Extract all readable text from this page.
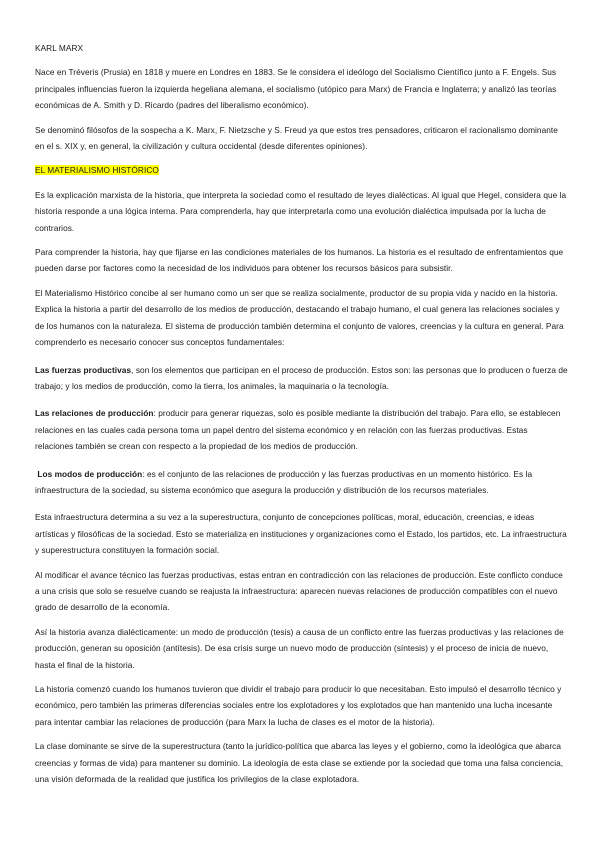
KARL MARX

Nace en Tréveris (Prusia) en 1818 y muere en Londres en 1883. Se le considera el ideólogo del Socialismo Científico junto a F. Engels. Sus principales influencias fueron la izquierda hegeliana alemana, el socialismo (utópico para Marx) de Francia e Inglaterra; y analizó las teorías económicas de A. Smith y D. Ricardo (padres del liberalismo económico).

Se denominó filósofos de la sospecha a K. Marx, F. Nietzsche y S. Freud ya que estos tres pensadores, criticaron el racionalismo dominante en el s. XIX y, en general, la civilización y cultura occidental (desde diferentes opiniones).

EL MATERIALISMO HISTÓRICO

Es la explicación marxista de la historia, que interpreta la sociedad como el resultado de leyes dialécticas. Al igual que Hegel, considera que la historia responde a una lógica interna. Para comprenderla, hay que interpretarla como una evolución dialéctica impulsada por la lucha de contrarios.

Para comprender la historia, hay que fijarse en las condiciones materiales de los humanos. La historia es el resultado de enfrentamientos que pueden darse por factores como la necesidad de los individuos para obtener los recursos básicos para subsistir.

El Materialismo Histórico concibe al ser humano como un ser que se realiza socialmente, productor de su propia vida y nacido en la historia. Explica la historia a partir del desarrollo de los medios de producción, destacando el trabajo humano, el cual genera las relaciones sociales y de los humanos con la naturaleza. El sistema de producción también determina el conjunto de valores, creencias y la cultura en general. Para comprenderlo es necesario conocer sus conceptos fundamentales:

Las fuerzas productivas, son los elementos que participan en el proceso de producción. Estos son: las personas que lo producen o fuerza de trabajo; y los medios de producción, como la tierra, los animales, la maquinaria o la tecnología.

Las relaciones de producción: producir para generar riquezas, solo es posible mediante la distribución del trabajo. Para ello, se establecen relaciones en las cuales cada persona toma un papel dentro del sistema económico y en relación con las fuerzas productivas. Estas relaciones también se crean con respecto a la propiedad de los medios de producción.

Los modos de producción: es el conjunto de las relaciones de producción y las fuerzas productivas en un momento histórico. Es la infraestructura de la sociedad, su sistema económico que asegura la producción y distribución de los recursos materiales.

Esta infraestructura determina a su vez a la superestructura, conjunto de concepciones políticas, moral, educación, creencias, e ideas artísticas y filosóficas de la sociedad. Esto se materializa en instituciones y organizaciones como el Estado, los partidos, etc. La infraestructura y superestructura constituyen la formación social.

Al modificar el avance técnico las fuerzas productivas, estas entran en contradicción con las relaciones de producción. Este conflicto conduce a una crisis que solo se resuelve cuando se reajusta la infraestructura: aparecen nuevas relaciones de producción compatibles con el nuevo grado de desarrollo de la economía.

Así la historia avanza dialécticamente: un modo de producción (tesis) a causa de un conflicto entre las fuerzas productivas y las relaciones de producción, generan su oposición (antítesis). De esa crisis surge un nuevo modo de producción (síntesis) y el proceso de inicia de nuevo, hasta el final de la historia.

La historia comenzó cuando los humanos tuvieron que dividir el trabajo para producir lo que necesitaban. Esto impulsó el desarrollo técnico y económico, pero también las primeras diferencias sociales entre los explotadores y los explotados que han mantenido una lucha incesante para intentar cambiar las relaciones de producción (para Marx la lucha de clases es el motor de la historia).

La clase dominante se sirve de la superestructura (tanto la jurídico-política que abarca las leyes y el gobierno, como la ideológica que abarca creencias y formas de vida) para mantener su dominio. La ideología de esta clase se extiende por la sociedad que toma una falsa conciencia, una visión deformada de la realidad que justifica los privilegios de la clase explotadora.
